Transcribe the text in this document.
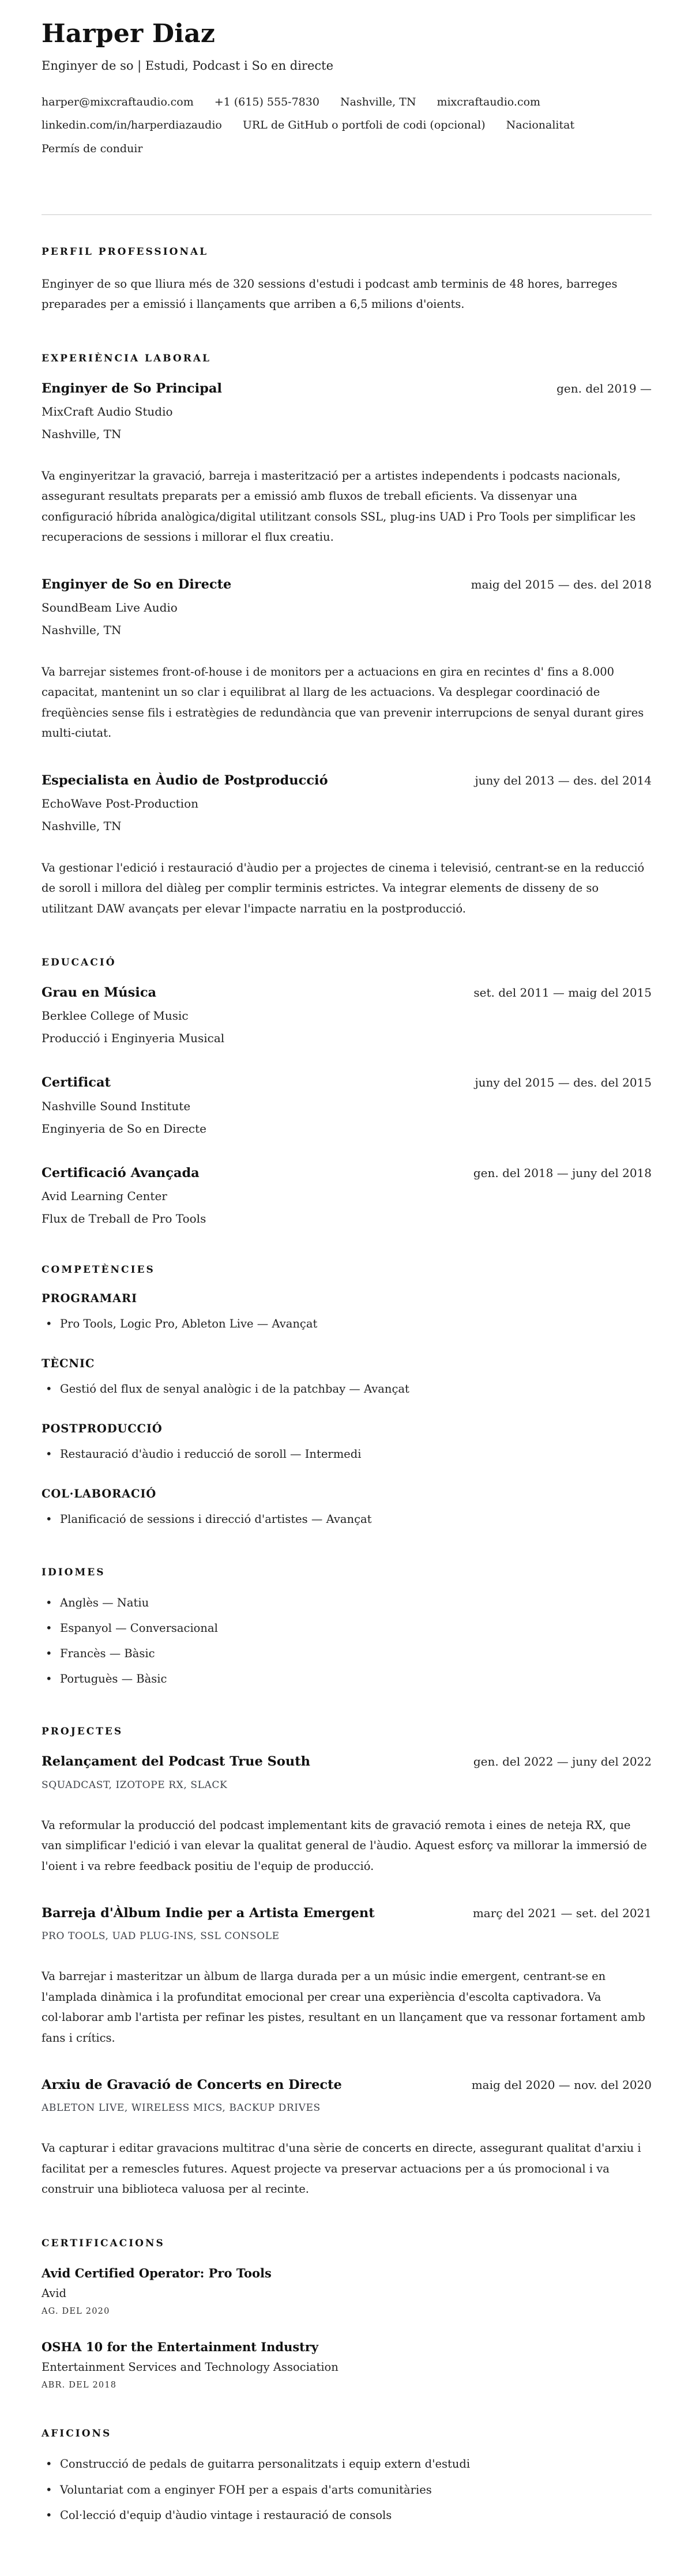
Harper Diaz
Enginyer de so | Estudi, Podcast i So en directe
harper@mixcraftaudio.com +1 (615) 555-7830 Nashville, TN mixcraftaudio.com
linkedin.com/in/harperdiazaudio URL de GitHub o portfoli de codi (opcional) Nacionalitat
Permís de conduir
PERFIL PROFESSIONAL

Enginyer de so que lliura més de 320 sessions d'estudi i podcast amb terminis de 48 hores, barreges preparades per a emissió i llançaments que arriben a 6,5 milions d'oients.

EXPERIÈNCIA LABORAL
Enginyer de So Principal	gen. del 2019 —
MixCraft Audio Studio
Nashville, TN

Va enginyeritzar la gravació, barreja i masterització per a artistes independents i podcasts nacionals, assegurant resultats preparats per a emissió amb fluxos de treball eficients. Va dissenyar una configuració híbrida analògica/digital utilitzant consols SSL, plug-ins UAD i Pro Tools per simplificar les recuperacions de sessions i millorar el flux creatiu.

Enginyer de So en Directe	maig del 2015 — des. del 2018
SoundBeam Live Audio
Nashville, TN

Va barrejar sistemes front-of-house i de monitors per a actuacions en gira en recintes d' fins a 8.000 capacitat, mantenint un so clar i equilibrat al llarg de les actuacions. Va desplegar coordinació de freqüències sense fils i estratègies de redundància que van prevenir interrupcions de senyal durant gires multi-ciutat.

Especialista en Àudio de Postproducció	juny del 2013 — des. del 2014
EchoWave Post-Production
Nashville, TN

Va gestionar l'edició i restauració d'àudio per a projectes de cinema i televisió, centrant-se en la reducció de soroll i millora del diàleg per complir terminis estrictes. Va integrar elements de disseny de so utilitzant DAW avançats per elevar l'impacte narratiu en la postproducció.

EDUCACIÓ
Grau en Música	set. del 2011 — maig del 2015
Berklee College of Music
Producció i Enginyeria Musical
Certificat	juny del 2015 — des. del 2015
Nashville Sound Institute
Enginyeria de So en Directe
Certificació Avançada	gen. del 2018 — juny del 2018
Avid Learning Center
Flux de Treball de Pro Tools
COMPETÈNCIES
PROGRAMARI
• Pro Tools, Logic Pro, Ableton Live — Avançat
TÈCNIC
• Gestió del flux de senyal analògic i de la patchbay — Avançat
POSTPRODUCCIÓ
• Restauració d'àudio i reducció de soroll — Intermedi
COL·LABORACIÓ
• Planificació de sessions i direcció d'artistes — Avançat
IDIOMES
• Anglès — Natiu
• Espanyol — Conversacional
• Francès — Bàsic
• Portuguès — Bàsic
PROJECTES
Relançament del Podcast True South	gen. del 2022 — juny del 2022
SQUADCAST, IZOTOPE RX, SLACK

Va reformular la producció del podcast implementant kits de gravació remota i eines de neteja RX, que van simplificar l'edició i van elevar la qualitat general de l'àudio. Aquest esforç va millorar la immersió de l'oient i va rebre feedback positiu de l'equip de producció.

Barreja d'Àlbum Indie per a Artista Emergent	març del 2021 — set. del 2021
PRO TOOLS, UAD PLUG-INS, SSL CONSOLE

Va barrejar i masteritzar un àlbum de llarga durada per a un músic indie emergent, centrant-se en l'amplada dinàmica i la profunditat emocional per crear una experiència d'escolta captivadora. Va col·laborar amb l'artista per refinar les pistes, resultant en un llançament que va ressonar fortament amb fans i crítics.

Arxiu de Gravació de Concerts en Directe	maig del 2020 — nov. del 2020
ABLETON LIVE, WIRELESS MICS, BACKUP DRIVES

Va capturar i editar gravacions multitrac d'una sèrie de concerts en directe, assegurant qualitat d'arxiu i facilitat per a remescles futures. Aquest projecte va preservar actuacions per a ús promocional i va construir una biblioteca valuosa per al recinte.

CERTIFICACIONS
Avid Certified Operator: Pro Tools
Avid
AG. DEL 2020
OSHA 10 for the Entertainment Industry
Entertainment Services and Technology Association
ABR. DEL 2018
AFICIONS
• Construcció de pedals de guitarra personalitzats i equip extern d'estudi
• Voluntariat com a enginyer FOH per a espais d'arts comunitàries
• Col·lecció d'equip d'àudio vintage i restauració de consols
